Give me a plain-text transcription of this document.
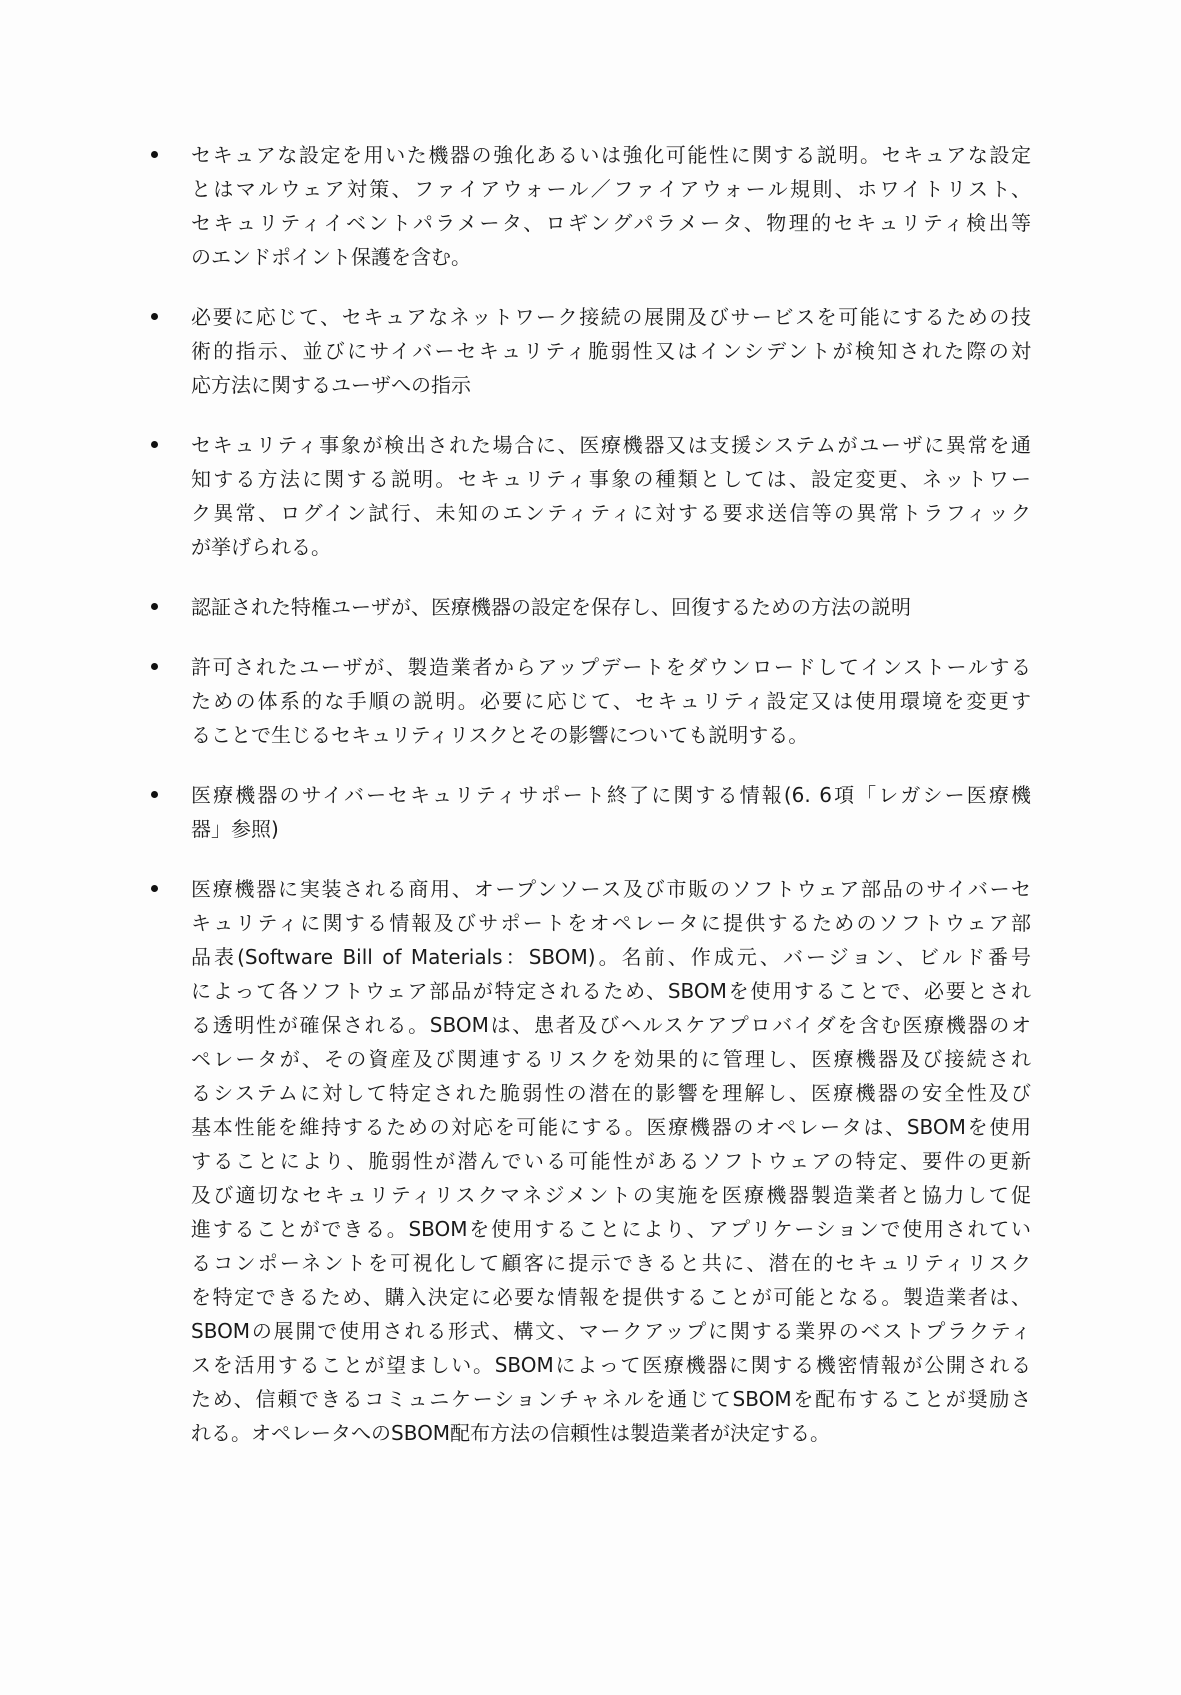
セキュアな設定を用いた機器の強化あるいは強化可能性に関する説明。セキュアな設定
とはマルウェア対策、ファイアウォール／ファイアウォール規則、ホワイトリスト、
セキュリティイベントパラメータ、ロギングパラメータ、物理的セキュリティ検出等
のエンドポイント保護を含む。
必要に応じて、セキュアなネットワーク接続の展開及びサービスを可能にするための技
術的指示、並びにサイバーセキュリティ脆弱性又はインシデントが検知された際の対
応方法に関するユーザへの指示
セキュリティ事象が検出された場合に、医療機器又は支援システムがユーザに異常を通
知する方法に関する説明。セキュリティ事象の種類としては、設定変更、ネットワー
ク異常、ログイン試行、未知のエンティティに対する要求送信等の異常トラフィック
が挙げられる。
認証された特権ユーザが、医療機器の設定を保存し、回復するための方法の説明
許可されたユーザが、製造業者からアップデートをダウンロードしてインストールする
ための体系的な手順の説明。必要に応じて、セキュリティ設定又は使用環境を変更す
ることで生じるセキュリティリスクとその影響についても説明する。
医療機器のサイバーセキュリティサポート終了に関する情報(6. 6項「レガシー医療機
器」参照)
医療機器に実装される商用、オープンソース及び市販のソフトウェア部品のサイバーセ
キュリティに関する情報及びサポートをオペレータに提供するためのソフトウェア部
品表(Software Bill of Materials：SBOM)。名前、作成元、バージョン、ビルド番号
によって各ソフトウェア部品が特定されるため、SBOMを使用することで、必要とされ
る透明性が確保される。SBOMは、患者及びヘルスケアプロバイダを含む医療機器のオ
ペレータが、その資産及び関連するリスクを効果的に管理し、医療機器及び接続され
るシステムに対して特定された脆弱性の潜在的影響を理解し、医療機器の安全性及び
基本性能を維持するための対応を可能にする。医療機器のオペレータは、SBOMを使用
することにより、脆弱性が潜んでいる可能性があるソフトウェアの特定、要件の更新
及び適切なセキュリティリスクマネジメントの実施を医療機器製造業者と協力して促
進することができる。SBOMを使用することにより、アプリケーションで使用されてい
るコンポーネントを可視化して顧客に提示できると共に、潜在的セキュリティリスク
を特定できるため、購入決定に必要な情報を提供することが可能となる。製造業者は、
SBOMの展開で使用される形式、構文、マークアップに関する業界のベストプラクティ
スを活用することが望ましい。SBOMによって医療機器に関する機密情報が公開される
ため、信頼できるコミュニケーションチャネルを通じてSBOMを配布することが奨励さ
れる。オペレータへのSBOM配布方法の信頼性は製造業者が決定する。
